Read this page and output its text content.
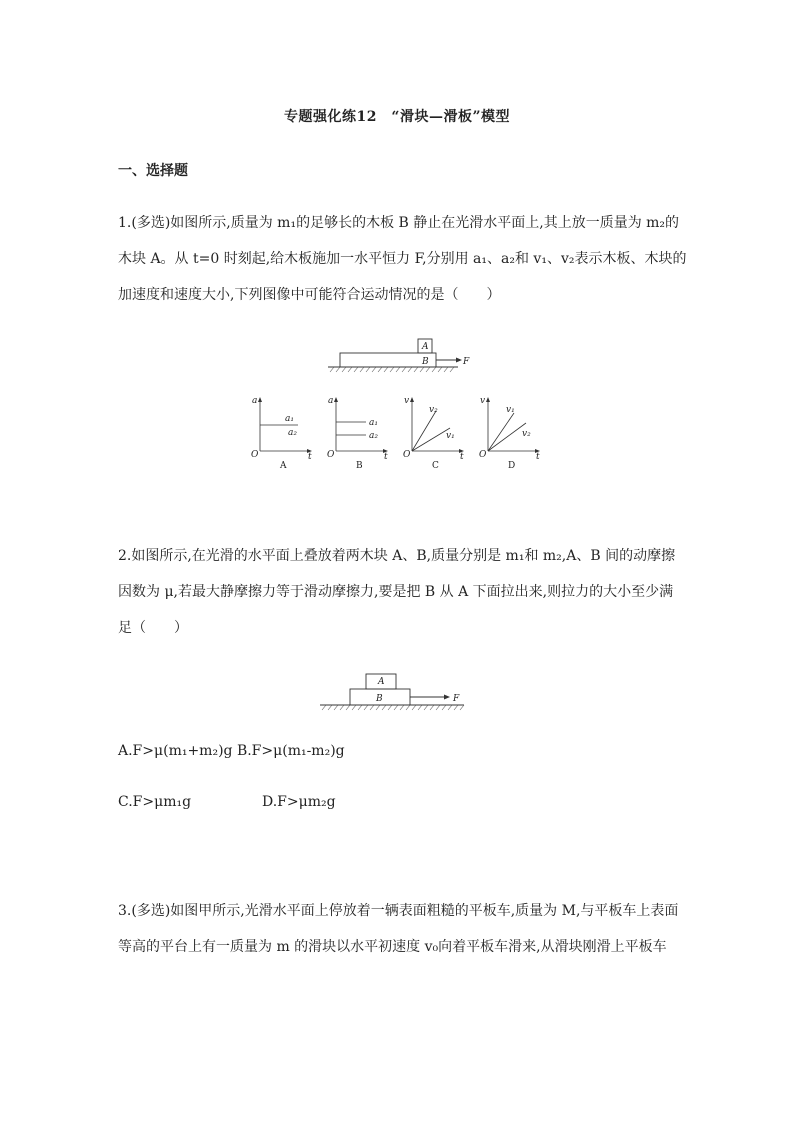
专题强化练12　“滑块—滑板”模型
一、选择题
1.(多选)如图所示,质量为 m₁的足够长的木板 B 静止在光滑水平面上,其上放一质量为 m₂的
木块 A。从 t=0 时刻起,给木板施加一水平恒力 F,分别用 a₁、a₂和 v₁、v₂表示木板、木块的
加速度和速度大小,下列图像中可能符合运动情况的是（　　）
A
B	F
a
t
O
a₁
a₂
A
a
t
O
a₁
a₂
B
v
t
O
v₂
v₁
C
v
t
O
v₁
v₂
D
2.如图所示,在光滑的水平面上叠放着两木块 A、B,质量分别是 m₁和 m₂,A、B 间的动摩擦
因数为 μ,若最大静摩擦力等于滑动摩擦力,要是把 B 从 A 下面拉出来,则拉力的大小至少满
足（　　）
A
B	F
A.F>μ(m₁+m₂)g B.F>μ(m₁-m₂)g
C.F>μm₁g	D.F>μm₂g
3.(多选)如图甲所示,光滑水平面上停放着一辆表面粗糙的平板车,质量为 M,与平板车上表面
等高的平台上有一质量为 m 的滑块以水平初速度 v₀向着平板车滑来,从滑块刚滑上平板车
